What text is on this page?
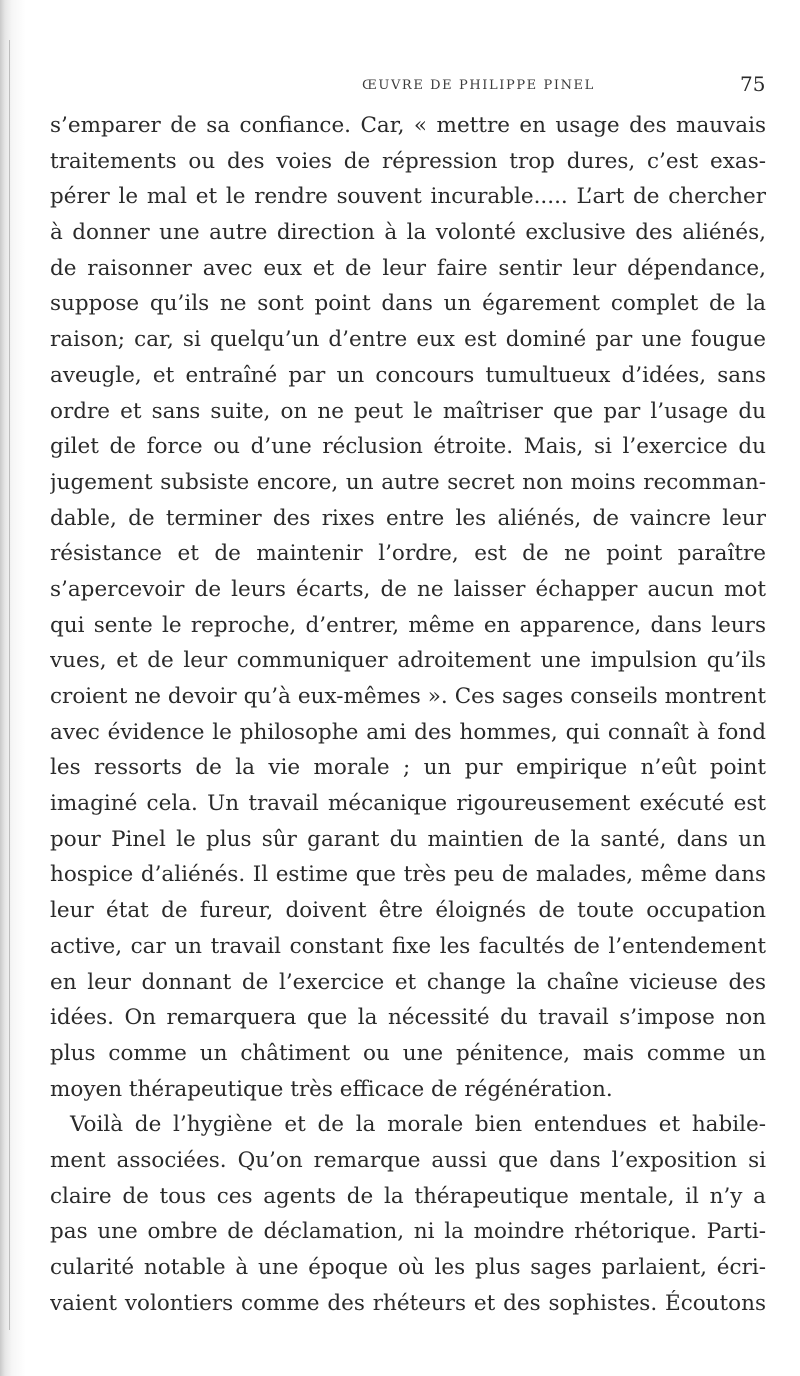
ŒUVRE DE PHILIPPE PINEL	75
s’emparer de sa confiance. Car, « mettre en usage des mauvais
traitements ou des voies de répression trop dures, c’est exas-
pérer le mal et le rendre souvent incurable..... L’art de chercher
à donner une autre direction à la volonté exclusive des aliénés,
de raisonner avec eux et de leur faire sentir leur dépendance,
suppose qu’ils ne sont point dans un égarement complet de la
raison; car, si quelqu’un d’entre eux est dominé par une fougue
aveugle, et entraîné par un concours tumultueux d’idées, sans
ordre et sans suite, on ne peut le maîtriser que par l’usage du
gilet de force ou d’une réclusion étroite. Mais, si l’exercice du
jugement subsiste encore, un autre secret non moins recomman-
dable, de terminer des rixes entre les aliénés, de vaincre leur
résistance et de maintenir l’ordre, est de ne point paraître
s’apercevoir de leurs écarts, de ne laisser échapper aucun mot
qui sente le reproche, d’entrer, même en apparence, dans leurs
vues, et de leur communiquer adroitement une impulsion qu’ils
croient ne devoir qu’à eux-mêmes ». Ces sages conseils montrent
avec évidence le philosophe ami des hommes, qui connaît à fond
les ressorts de la vie morale ; un pur empirique n’eût point
imaginé cela. Un travail mécanique rigoureusement exécuté est
pour Pinel le plus sûr garant du maintien de la santé, dans un
hospice d’aliénés. Il estime que très peu de malades, même dans
leur état de fureur, doivent être éloignés de toute occupation
active, car un travail constant fixe les facultés de l’entendement
en leur donnant de l’exercice et change la chaîne vicieuse des
idées. On remarquera que la nécessité du travail s’impose non
plus comme un châtiment ou une pénitence, mais comme un
moyen thérapeutique très efficace de régénération.
Voilà de l’hygiène et de la morale bien entendues et habile-
ment associées. Qu’on remarque aussi que dans l’exposition si
claire de tous ces agents de la thérapeutique mentale, il n’y a
pas une ombre de déclamation, ni la moindre rhétorique. Parti-
cularité notable à une époque où les plus sages parlaient, écri-
vaient volontiers comme des rhéteurs et des sophistes. Écoutons
